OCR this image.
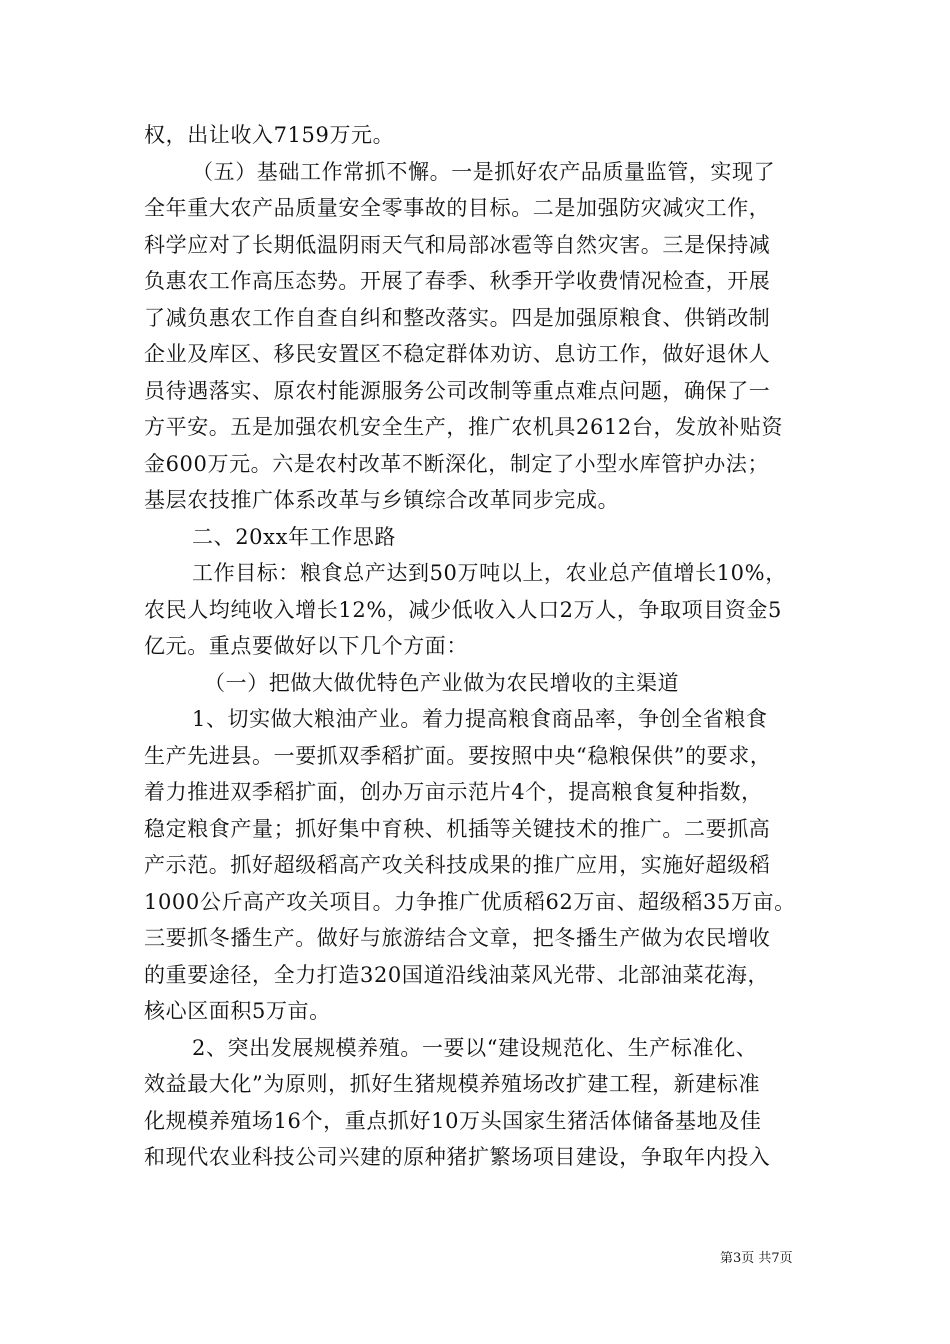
权，出让收入7159万元。
（五）基础工作常抓不懈。一是抓好农产品质量监管，实现了
全年重大农产品质量安全零事故的目标。二是加强防灾减灾工作，
科学应对了长期低温阴雨天气和局部冰雹等自然灾害。三是保持减
负惠农工作高压态势。开展了春季、秋季开学收费情况检查，开展
了减负惠农工作自查自纠和整改落实。四是加强原粮食、供销改制
企业及库区、移民安置区不稳定群体劝访、息访工作，做好退休人
员待遇落实、原农村能源服务公司改制等重点难点问题，确保了一
方平安。五是加强农机安全生产，推广农机具2612台，发放补贴资
金600万元。六是农村改革不断深化，制定了小型水库管护办法；
基层农技推广体系改革与乡镇综合改革同步完成。
二、20xx年工作思路
工作目标：粮食总产达到50万吨以上，农业总产值增长10%，
农民人均纯收入增长12%，减少低收入人口2万人，争取项目资金5
亿元。重点要做好以下几个方面：
（一）把做大做优特色产业做为农民增收的主渠道
1、切实做大粮油产业。着力提高粮食商品率，争创全省粮食
生产先进县。一要抓双季稻扩面。要按照中央“稳粮保供”的要求，
着力推进双季稻扩面，创办万亩示范片4个，提高粮食复种指数，
稳定粮食产量；抓好集中育秧、机插等关键技术的推广。二要抓高
产示范。抓好超级稻高产攻关科技成果的推广应用，实施好超级稻
1000公斤高产攻关项目。力争推广优质稻62万亩、超级稻35万亩。
三要抓冬播生产。做好与旅游结合文章，把冬播生产做为农民增收
的重要途径，全力打造320国道沿线油菜风光带、北部油菜花海，
核心区面积5万亩。
2、突出发展规模养殖。一要以“建设规范化、生产标准化、
效益最大化”为原则，抓好生猪规模养殖场改扩建工程，新建标准
化规模养殖场16个，重点抓好10万头国家生猪活体储备基地及佳
和现代农业科技公司兴建的原种猪扩繁场项目建设，争取年内投入
第3页 共7页
